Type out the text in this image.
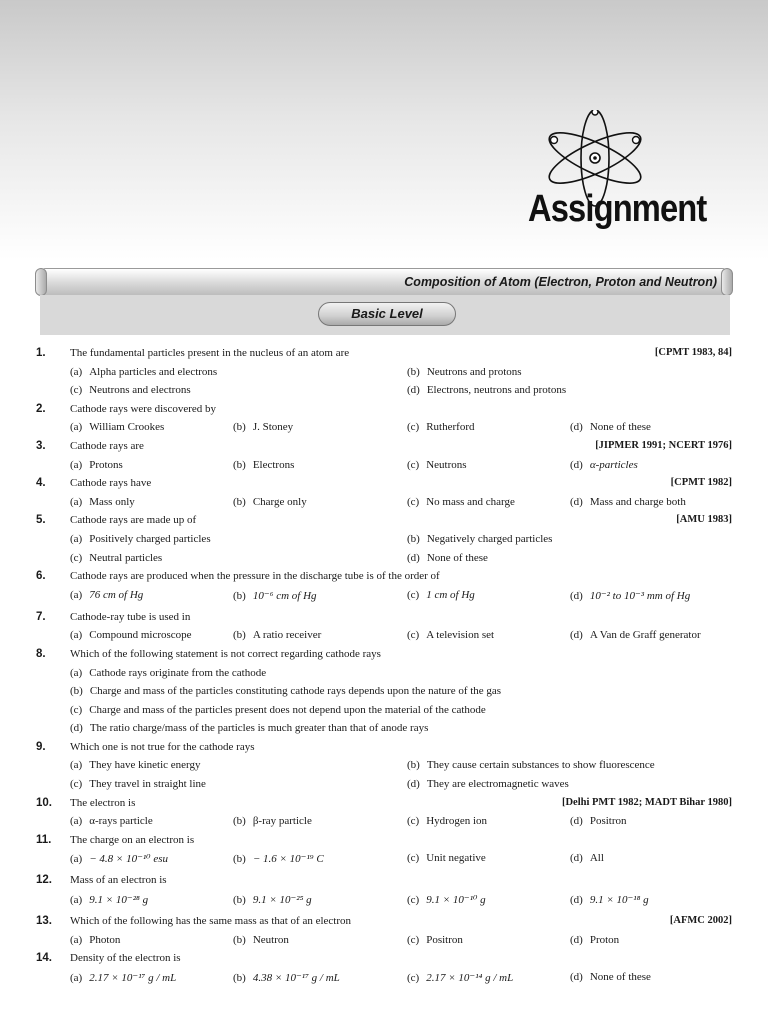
Assignment
Composition of Atom (Electron, Proton and Neutron)
Basic Level
1. The fundamental particles present in the nucleus of an atom are	[CPMT 1983, 84]
(a) Alpha particles and electrons	(b) Neutrons and protons
(c) Neutrons and electrons	(d) Electrons, neutrons and protons
2. Cathode rays were discovered by
(a) William Crookes	(b) J. Stoney	(c) Rutherford	(d) None of these
3. Cathode rays are	[JIPMER 1991; NCERT 1976]
(a) Protons	(b) Electrons	(c) Neutrons	(d) α-particles
4. Cathode rays have	[CPMT 1982]
(a) Mass only	(b) Charge only	(c) No mass and charge	(d) Mass and charge both
5. Cathode rays are made up of	[AMU 1983]
(a) Positively charged particles	(b) Negatively charged particles
(c) Neutral particles	(d) None of these
6. Cathode rays are produced when the pressure in the discharge tube is of the order of
(a) 76 cm of Hg	(b) 10⁻⁶ cm of Hg	(c) 1 cm of Hg	(d) 10⁻² to 10⁻³ mm of Hg
7. Cathode-ray tube is used in
(a) Compound microscope	(b) A ratio receiver	(c) A television set	(d) A Van de Graff generator
8. Which of the following statement is not correct regarding cathode rays
(a) Cathode rays originate from the cathode
(b) Charge and mass of the particles constituting cathode rays depends upon the nature of the gas
(c) Charge and mass of the particles present does not depend upon the material of the cathode
(d) The ratio charge/mass of the particles is much greater than that of anode rays
9. Which one is not true for the cathode rays
(a) They have kinetic energy	(b) They cause certain substances to show fluorescence
(c) They travel in straight line	(d) They are electromagnetic waves
10. The electron is	[Delhi PMT 1982; MADT Bihar 1980]
(a) α-rays particle	(b) β-ray particle	(c) Hydrogen ion	(d) Positron
11. The charge on an electron is
(a) − 4.8 × 10⁻¹⁰ esu	(b) − 1.6 × 10⁻¹⁹ C	(c) Unit negative	(d) All
12. Mass of an electron is
(a) 9.1 × 10⁻²⁸ g	(b) 9.1 × 10⁻²⁵ g	(c) 9.1 × 10⁻¹⁰ g	(d) 9.1 × 10⁻¹⁸ g
13. Which of the following has the same mass as that of an electron	[AFMC 2002]
(a) Photon	(b) Neutron	(c) Positron	(d) Proton
14. Density of the electron is
(a) 2.17 × 10⁻¹⁷ g / mL	(b) 4.38 × 10⁻¹⁷ g / mL	(c) 2.17 × 10⁻¹⁴ g / mL	(d) None of these
